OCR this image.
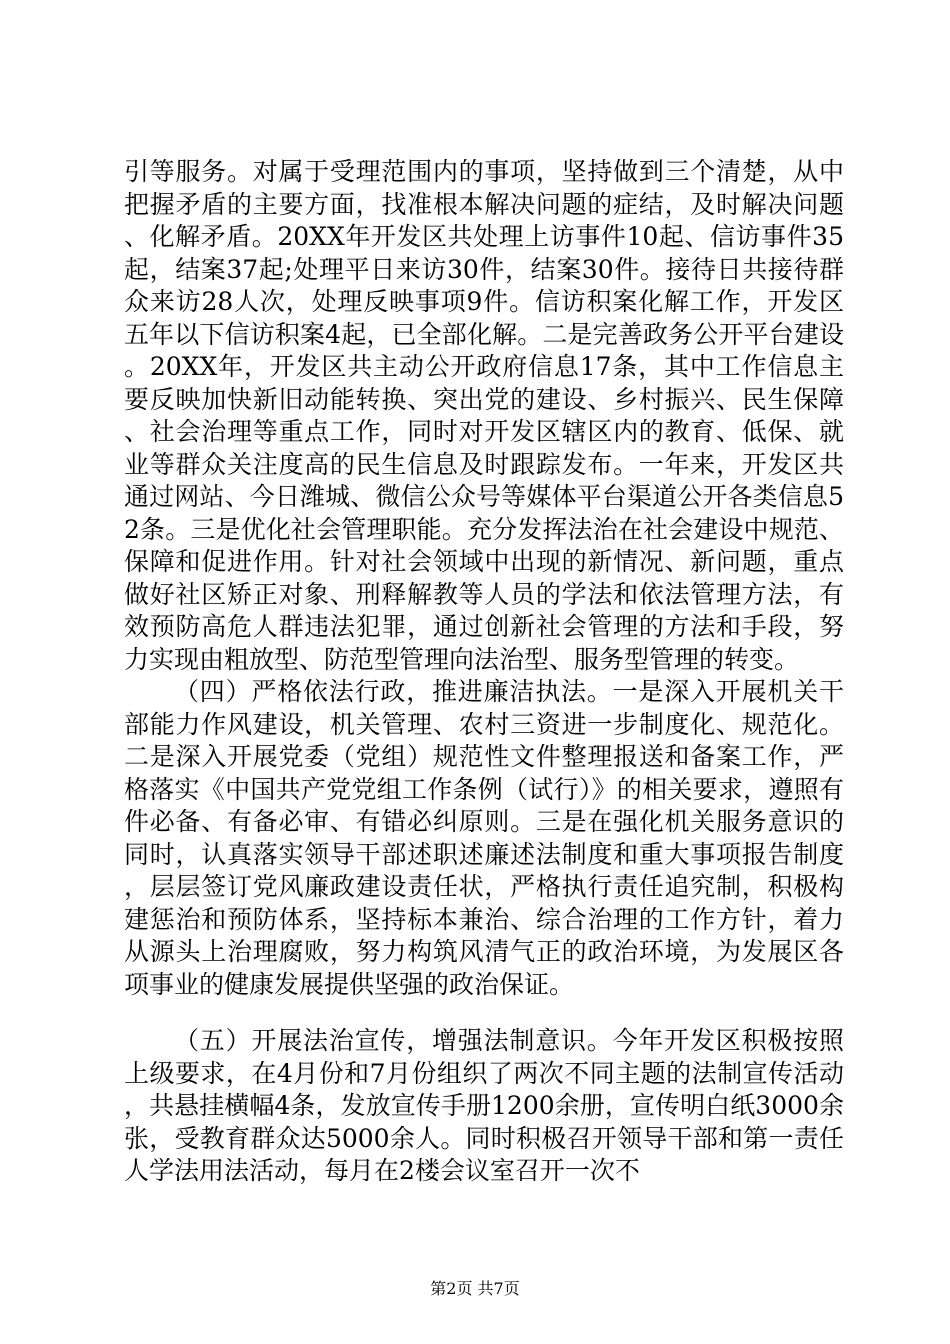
引等服务。对属于受理范围内的事项，坚持做到三个清楚，从中把握矛盾的主要方面，找准根本解决问题的症结，及时解决问题、化解矛盾。20XX年开发区共处理上访事件10起、信访事件35起，结案37起;处理平日来访30件，结案30件。接待日共接待群众来访28人次，处理反映事项9件。信访积案化解工作，开发区五年以下信访积案4起，已全部化解。二是完善政务公开平台建设。20XX年，开发区共主动公开政府信息17条，其中工作信息主要反映加快新旧动能转换、突出党的建设、乡村振兴、民生保障、社会治理等重点工作，同时对开发区辖区内的教育、低保、就业等群众关注度高的民生信息及时跟踪发布。一年来，开发区共通过网站、今日潍城、微信公众号等媒体平台渠道公开各类信息52条。三是优化社会管理职能。充分发挥法治在社会建设中规范、保障和促进作用。针对社会领域中出现的新情况、新问题，重点做好社区矫正对象、刑释解教等人员的学法和依法管理方法，有效预防高危人群违法犯罪，通过创新社会管理的方法和手段，努力实现由粗放型、防范型管理向法治型、服务型管理的转变。

（四）严格依法行政，推进廉洁执法。一是深入开展机关干部能力作风建设，机关管理、农村三资进一步制度化、规范化。二是深入开展党委（党组）规范性文件整理报送和备案工作，严格落实《中国共产党党组工作条例（试行）》的相关要求，遵照有件必备、有备必审、有错必纠原则。三是在强化机关服务意识的同时，认真落实领导干部述职述廉述法制度和重大事项报告制度，层层签订党风廉政建设责任状，严格执行责任追究制，积极构建惩治和预防体系，坚持标本兼治、综合治理的工作方针，着力从源头上治理腐败，努力构筑风清气正的政治环境，为发展区各项事业的健康发展提供坚强的政治保证。

（五）开展法治宣传，增强法制意识。今年开发区积极按照上级要求，在4月份和7月份组织了两次不同主题的法制宣传活动，共悬挂横幅4条，发放宣传手册1200余册，宣传明白纸3000余张，受教育群众达5000余人。同时积极召开领导干部和第一责任人学法用法活动，每月在2楼会议室召开一次不

第2页 共7页
